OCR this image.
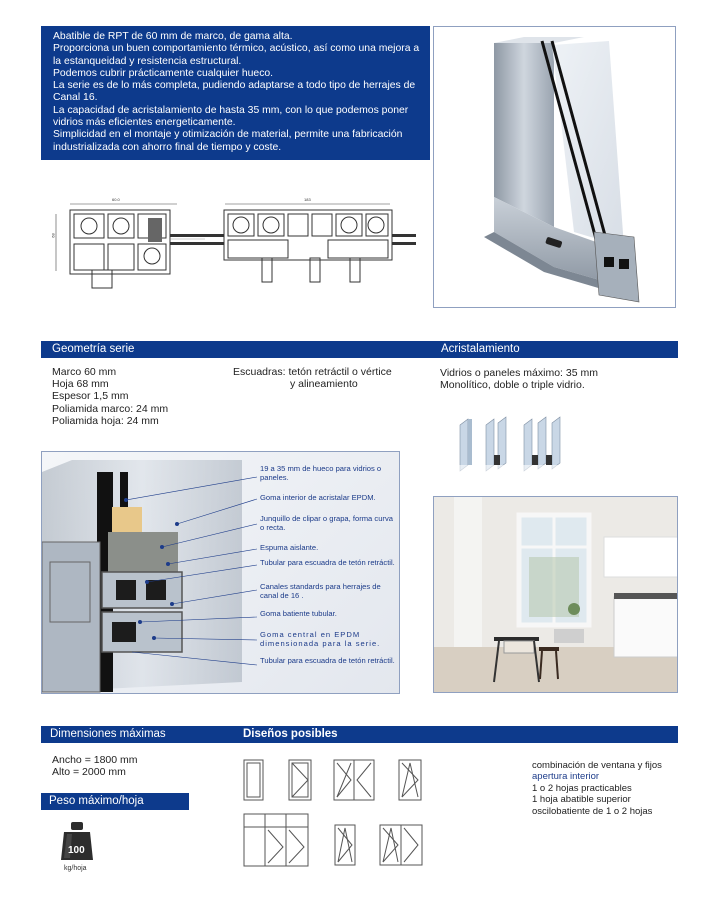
Abatible de RPT de 60 mm de marco, de gama alta.

Proporciona un buen comportamiento térmico, acústico, así como una mejora a la estanqueidad y resistencia estructural.

Podemos cubrir prácticamente cualquier hueco.

La serie es de lo más completa, pudiendo adaptarse a todo tipo de herrajes de Canal 16.

La capacidad de acristalamiento de hasta 35 mm, con lo que podemos poner vidrios más eficientes energeticamente.

Simplicidad en el montaje y otimización de material, permite una fabricación industrializada con ahorro final de tiempo y coste.

60.0
68
183
Geometría serie	Acristalamiento
Marco 60 mm
Hoja 68 mm
Espesor 1,5 mm
Poliamida marco: 24 mm
Poliamida hoja: 24 mm
Escuadras: tetón retráctil o vértice
y alineamiento
Vidrios o paneles máximo: 35 mm
Monolítico, doble o triple vidrio.
19 a 35 mm de hueco para vidrios o paneles.
Goma interior de acristalar EPDM.
Junquillo de clipar o grapa, forma curva o recta.
Espuma aislante.
Tubular para escuadra de tetón retráctil.
Canales standards para herrajes de canal de 16 .
Goma batiente tubular.
Goma central en EPDM dimensionada para la serie.
Tubular para escuadra de tetón retráctil.
Dimensiones máximas	Diseños posibles
Ancho = 1800 mm
Alto = 2000 mm
Peso máximo/hoja
100
kg/hoja
combinación de ventana y fijos
apertura interior
1 o 2 hojas practicables
1 hoja abatible superior
oscilobatiente de 1 o 2 hojas
